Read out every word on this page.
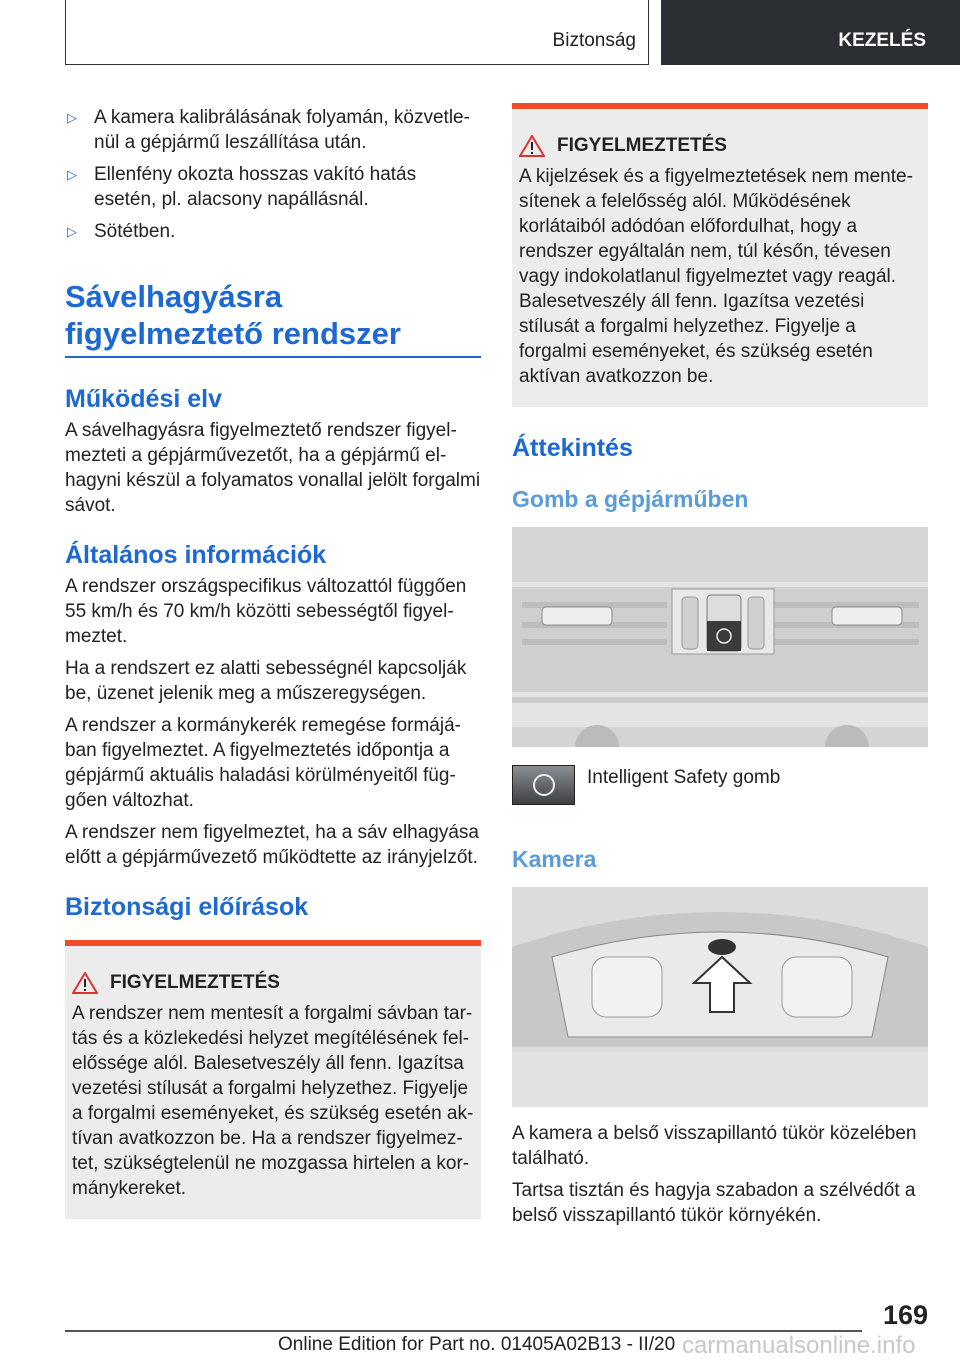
Biztonság	KEZELÉS
▷ A kamera kalibrálásának folyamán, közvetlenül a gépjármű leszállítása után.
▷ Ellenfény okozta hosszas vakító hatás esetén, pl. alacsony napállásnál.
▷ Sötétben.
Sávelhagyásra figyelmeztető rendszer
Működési elv

A sávelhagyásra figyelmeztető rendszer figyelmezteti a gépjárművezetőt, ha a gépjármű elhagyni készül a folyamatos vonallal jelölt forgalmi sávot.

Általános információk

A rendszer országspecifikus változattól függően 55 km/h és 70 km/h közötti sebességtől figyelmeztet.

Ha a rendszert ez alatti sebességnél kapcsolják be, üzenet jelenik meg a műszeregységen.

A rendszer a kormánykerék remegése formájában figyelmeztet. A figyelmeztetés időpontja a gépjármű aktuális haladási körülményeitől függően változhat.

A rendszer nem figyelmeztet, ha a sáv elhagyása előtt a gépjárművezető működtette az irányjelzőt.

Biztonsági előírások
FIGYELMEZTETÉS
A rendszer nem mentesít a forgalmi sávban tartás és a közlekedési helyzet megítélésének felelőssége alól. Balesetveszély áll fenn. Igazítsa vezetési stílusát a forgalmi helyzethez. Figyelje a forgalmi eseményeket, és szükség esetén aktívan avatkozzon be. Ha a rendszer figyelmeztet, szükségtelenül ne mozgassa hirtelen a kormánykereket.
FIGYELMEZTETÉS
A kijelzések és a figyelmeztetések nem mentesítenek a felelősség alól. Működésének korlátaiból adódóan előfordulhat, hogy a rendszer egyáltalán nem, túl későn, tévesen vagy indokolatlanul figyelmeztet vagy reagál. Balesetveszély áll fenn. Igazítsa vezetési stílusát a forgalmi helyzethez. Figyelje a forgalmi eseményeket, és szükség esetén aktívan avatkozzon be.
Áttekintés
Gomb a gépjárműben
Intelligent Safety gomb
Kamera

A kamera a belső visszapillantó tükör közelében található.

Tartsa tisztán és hagyja szabadon a szélvédőt a belső visszapillantó tükör környékén.

169
Online Edition for Part no. 01405A02B13 - II/20 carmanualsonline.info
